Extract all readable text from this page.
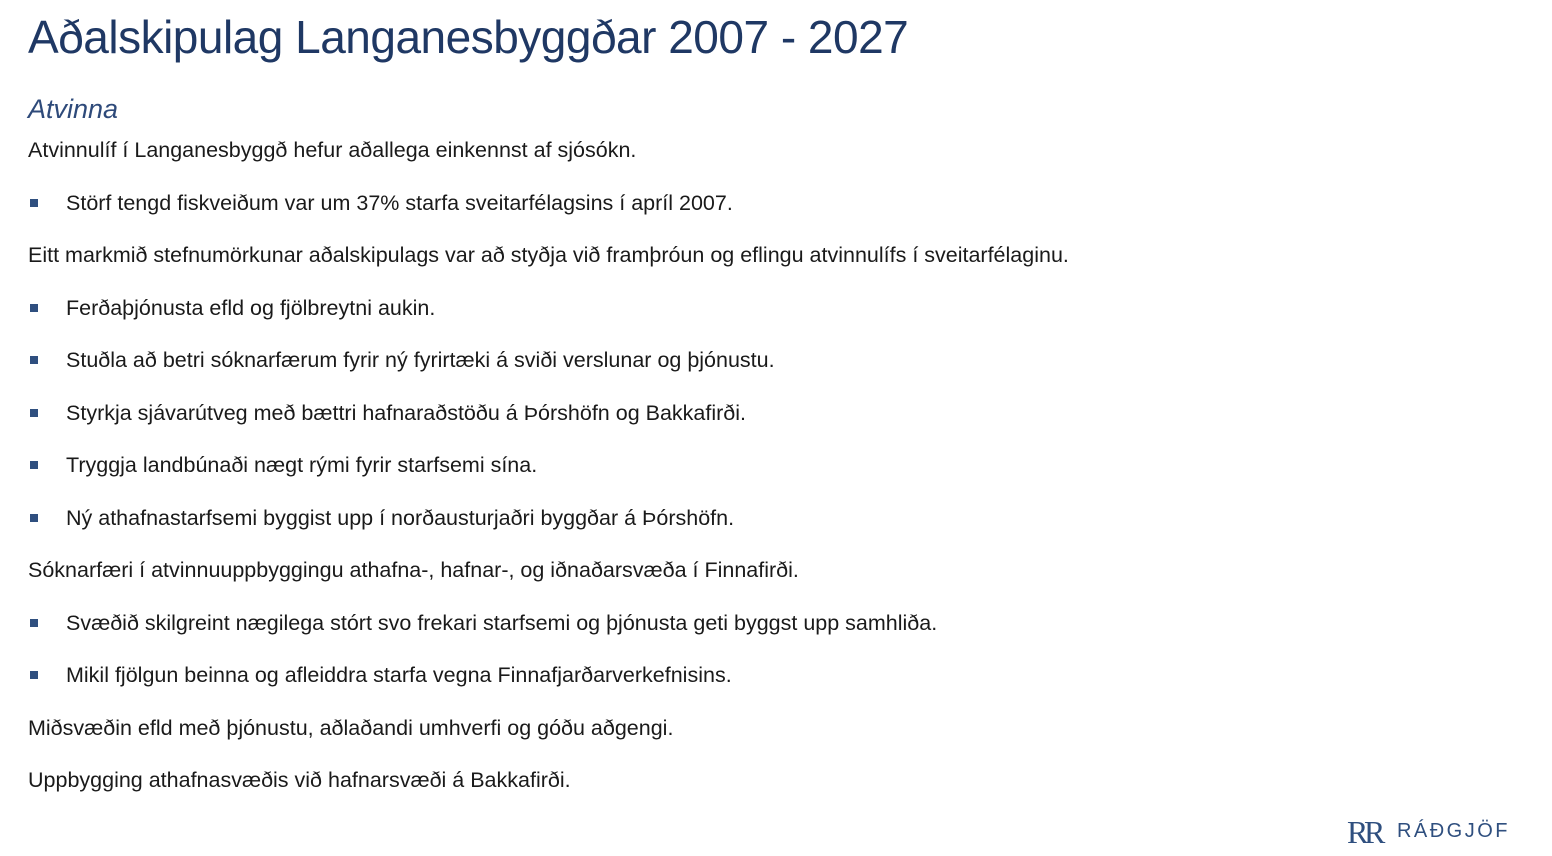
Aðalskipulag Langanesbyggðar 2007 - 2027
Atvinna
Atvinnulíf í Langanesbyggð hefur aðallega einkennst af sjósókn.
Störf tengd fiskveiðum var um 37% starfa sveitarfélagsins í apríl 2007.
Eitt markmið stefnumörkunar aðalskipulags var að styðja við framþróun og eflingu atvinnulífs í sveitarfélaginu.
Ferðaþjónusta efld og fjölbreytni aukin.
Stuðla að betri sóknarfærum fyrir ný fyrirtæki á sviði verslunar og þjónustu.
Styrkja sjávarútveg með bættri hafnaraðstöðu á Þórshöfn og Bakkafirði.
Tryggja landbúnaði nægt rými fyrir starfsemi sína.
Ný athafnastarfsemi byggist upp í norðausturjaðri byggðar á Þórshöfn.
Sóknarfæri í atvinnuuppbyggingu athafna-, hafnar-, og iðnaðarsvæða í Finnafirði.
Svæðið skilgreint nægilega stórt svo frekari starfsemi og þjónusta geti byggst upp samhliða.
Mikil fjölgun beinna og afleiddra starfa vegna Finnafjarðarverkefnisins.
Miðsvæðin efld með þjónustu, aðlaðandi umhverfi og góðu aðgengi.
Uppbygging athafnasvæðis við hafnarsvæði á Bakkafirði.
R
R RÁÐGJÖF
